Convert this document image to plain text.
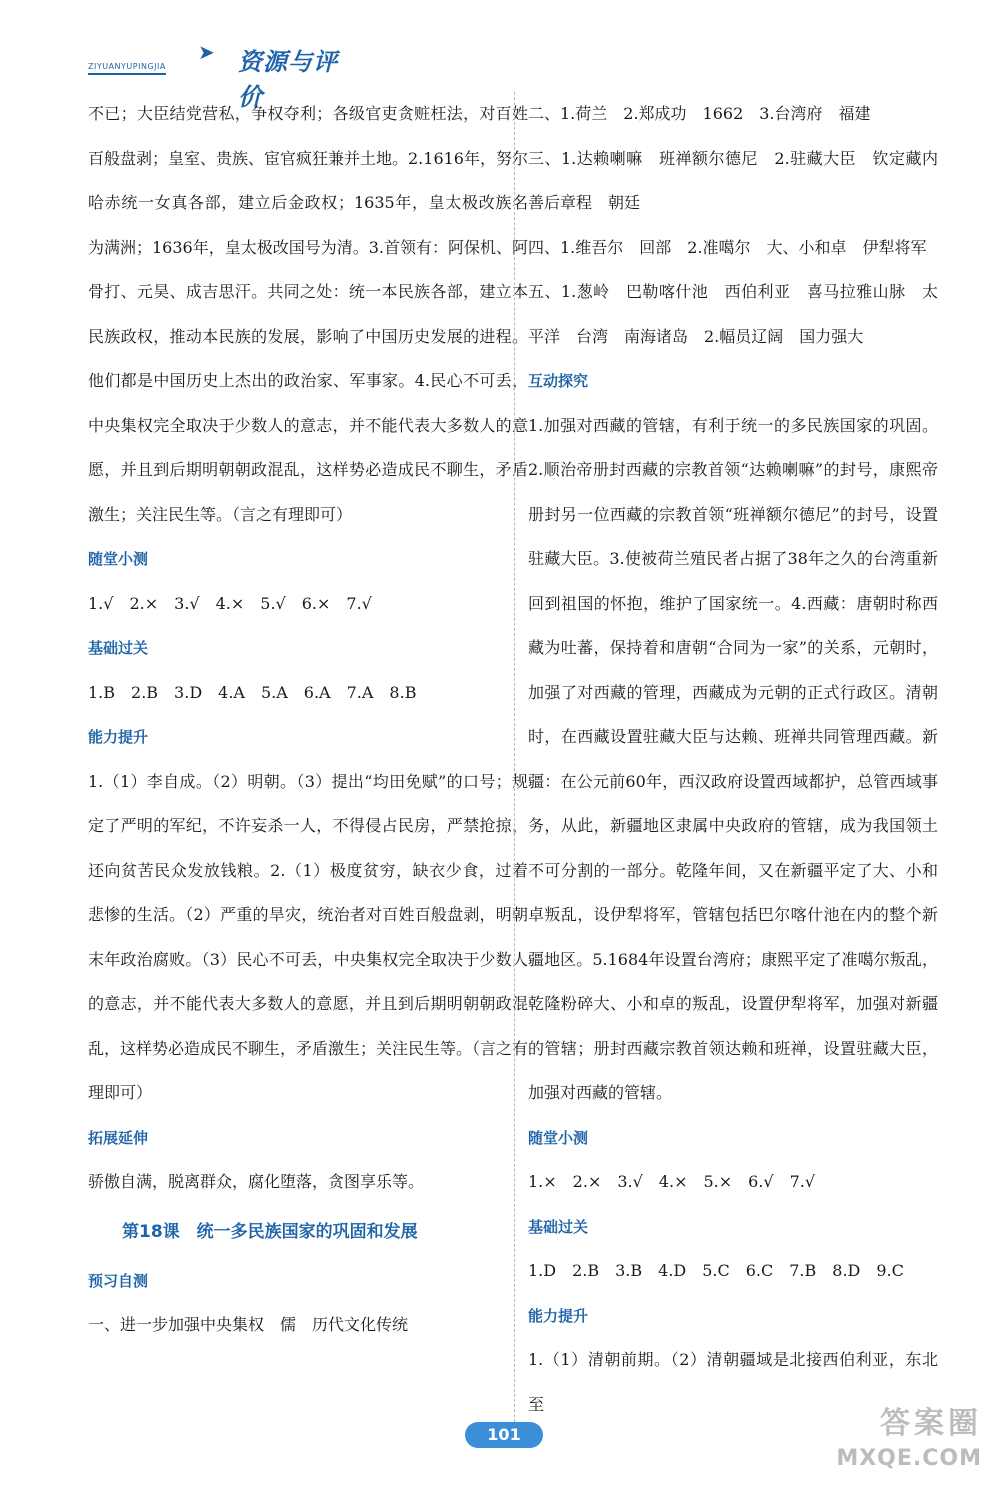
ZIYUANYUPINGJIA
➤ 资源与评价

不已；大臣结党营私，争权夺利；各级官吏贪赃枉法，对百姓百般盘剥；皇室、贵族、宦官疯狂兼并土地。2.1616年，努尔哈赤统一女真各部，建立后金政权；1635年，皇太极改族名为满洲；1636年，皇太极改国号为清。3.首领有：阿保机、阿骨打、元昊、成吉思汗。共同之处：统一本民族各部，建立本民族政权，推动本民族的发展，影响了中国历史发展的进程。他们都是中国历史上杰出的政治家、军事家。4.民心不可丢，中央集权完全取决于少数人的意志，并不能代表大多数人的意愿，并且到后期明朝朝政混乱，这样势必造成民不聊生，矛盾激生；关注民生等。（言之有理即可）

随堂小测

1.√　2.×　3.√　4.×　5.√　6.×　7.√

基础过关

1.B　2.B　3.D　4.A　5.A　6.A　7.A　8.B

能力提升

1.（1）李自成。（2）明朝。（3）提出“均田免赋”的口号；规定了严明的军纪，不许妄杀一人，不得侵占民房，严禁抢掠，还向贫苦民众发放钱粮。2.（1）极度贫穷，缺衣少食，过着悲惨的生活。（2）严重的旱灾，统治者对百姓百般盘剥，明朝末年政治腐败。（3）民心不可丢，中央集权完全取决于少数人的意志，并不能代表大多数人的意愿，并且到后期明朝朝政混乱，这样势必造成民不聊生，矛盾激生；关注民生等。（言之有理即可）

拓展延伸

骄傲自满，脱离群众，腐化堕落，贪图享乐等。

第18课　统一多民族国家的巩固和发展

预习自测

一、进一步加强中央集权　儒　历代文化传统

二、1.荷兰　2.郑成功　1662　3.台湾府　福建

三、1.达赖喇嘛　班禅额尔德尼　2.驻藏大臣　钦定藏内善后章程　朝廷

四、1.维吾尔　回部　2.准噶尔　大、小和卓　伊犁将军

五、1.葱岭　巴勒喀什池　西伯利亚　喜马拉雅山脉　太平洋　台湾　南海诸岛　2.幅员辽阔　国力强大

互动探究

1.加强对西藏的管辖，有利于统一的多民族国家的巩固。2.顺治帝册封西藏的宗教首领“达赖喇嘛”的封号，康熙帝册封另一位西藏的宗教首领“班禅额尔德尼”的封号，设置驻藏大臣。3.使被荷兰殖民者占据了38年之久的台湾重新回到祖国的怀抱，维护了国家统一。4.西藏：唐朝时称西藏为吐蕃，保持着和唐朝“合同为一家”的关系，元朝时，加强了对西藏的管理，西藏成为元朝的正式行政区。清朝时，在西藏设置驻藏大臣与达赖、班禅共同管理西藏。新疆：在公元前60年，西汉政府设置西域都护，总管西域事务，从此，新疆地区隶属中央政府的管辖，成为我国领土不可分割的一部分。乾隆年间，又在新疆平定了大、小和卓叛乱，设伊犁将军，管辖包括巴尔喀什池在内的整个新疆地区。5.1684年设置台湾府；康熙平定了准噶尔叛乱，乾隆粉碎大、小和卓的叛乱，设置伊犁将军，加强对新疆的管辖；册封西藏宗教首领达赖和班禅，设置驻藏大臣，加强对西藏的管辖。

随堂小测

1.×　2.×　3.√　4.×　5.×　6.√　7.√

基础过关

1.D　2.B　3.B　4.D　5.C　6.C　7.B　8.D　9.C

能力提升

1.（1）清朝前期。（2）清朝疆域是北接西伯利亚，东北至

101	答案圈
MXQE.COM
